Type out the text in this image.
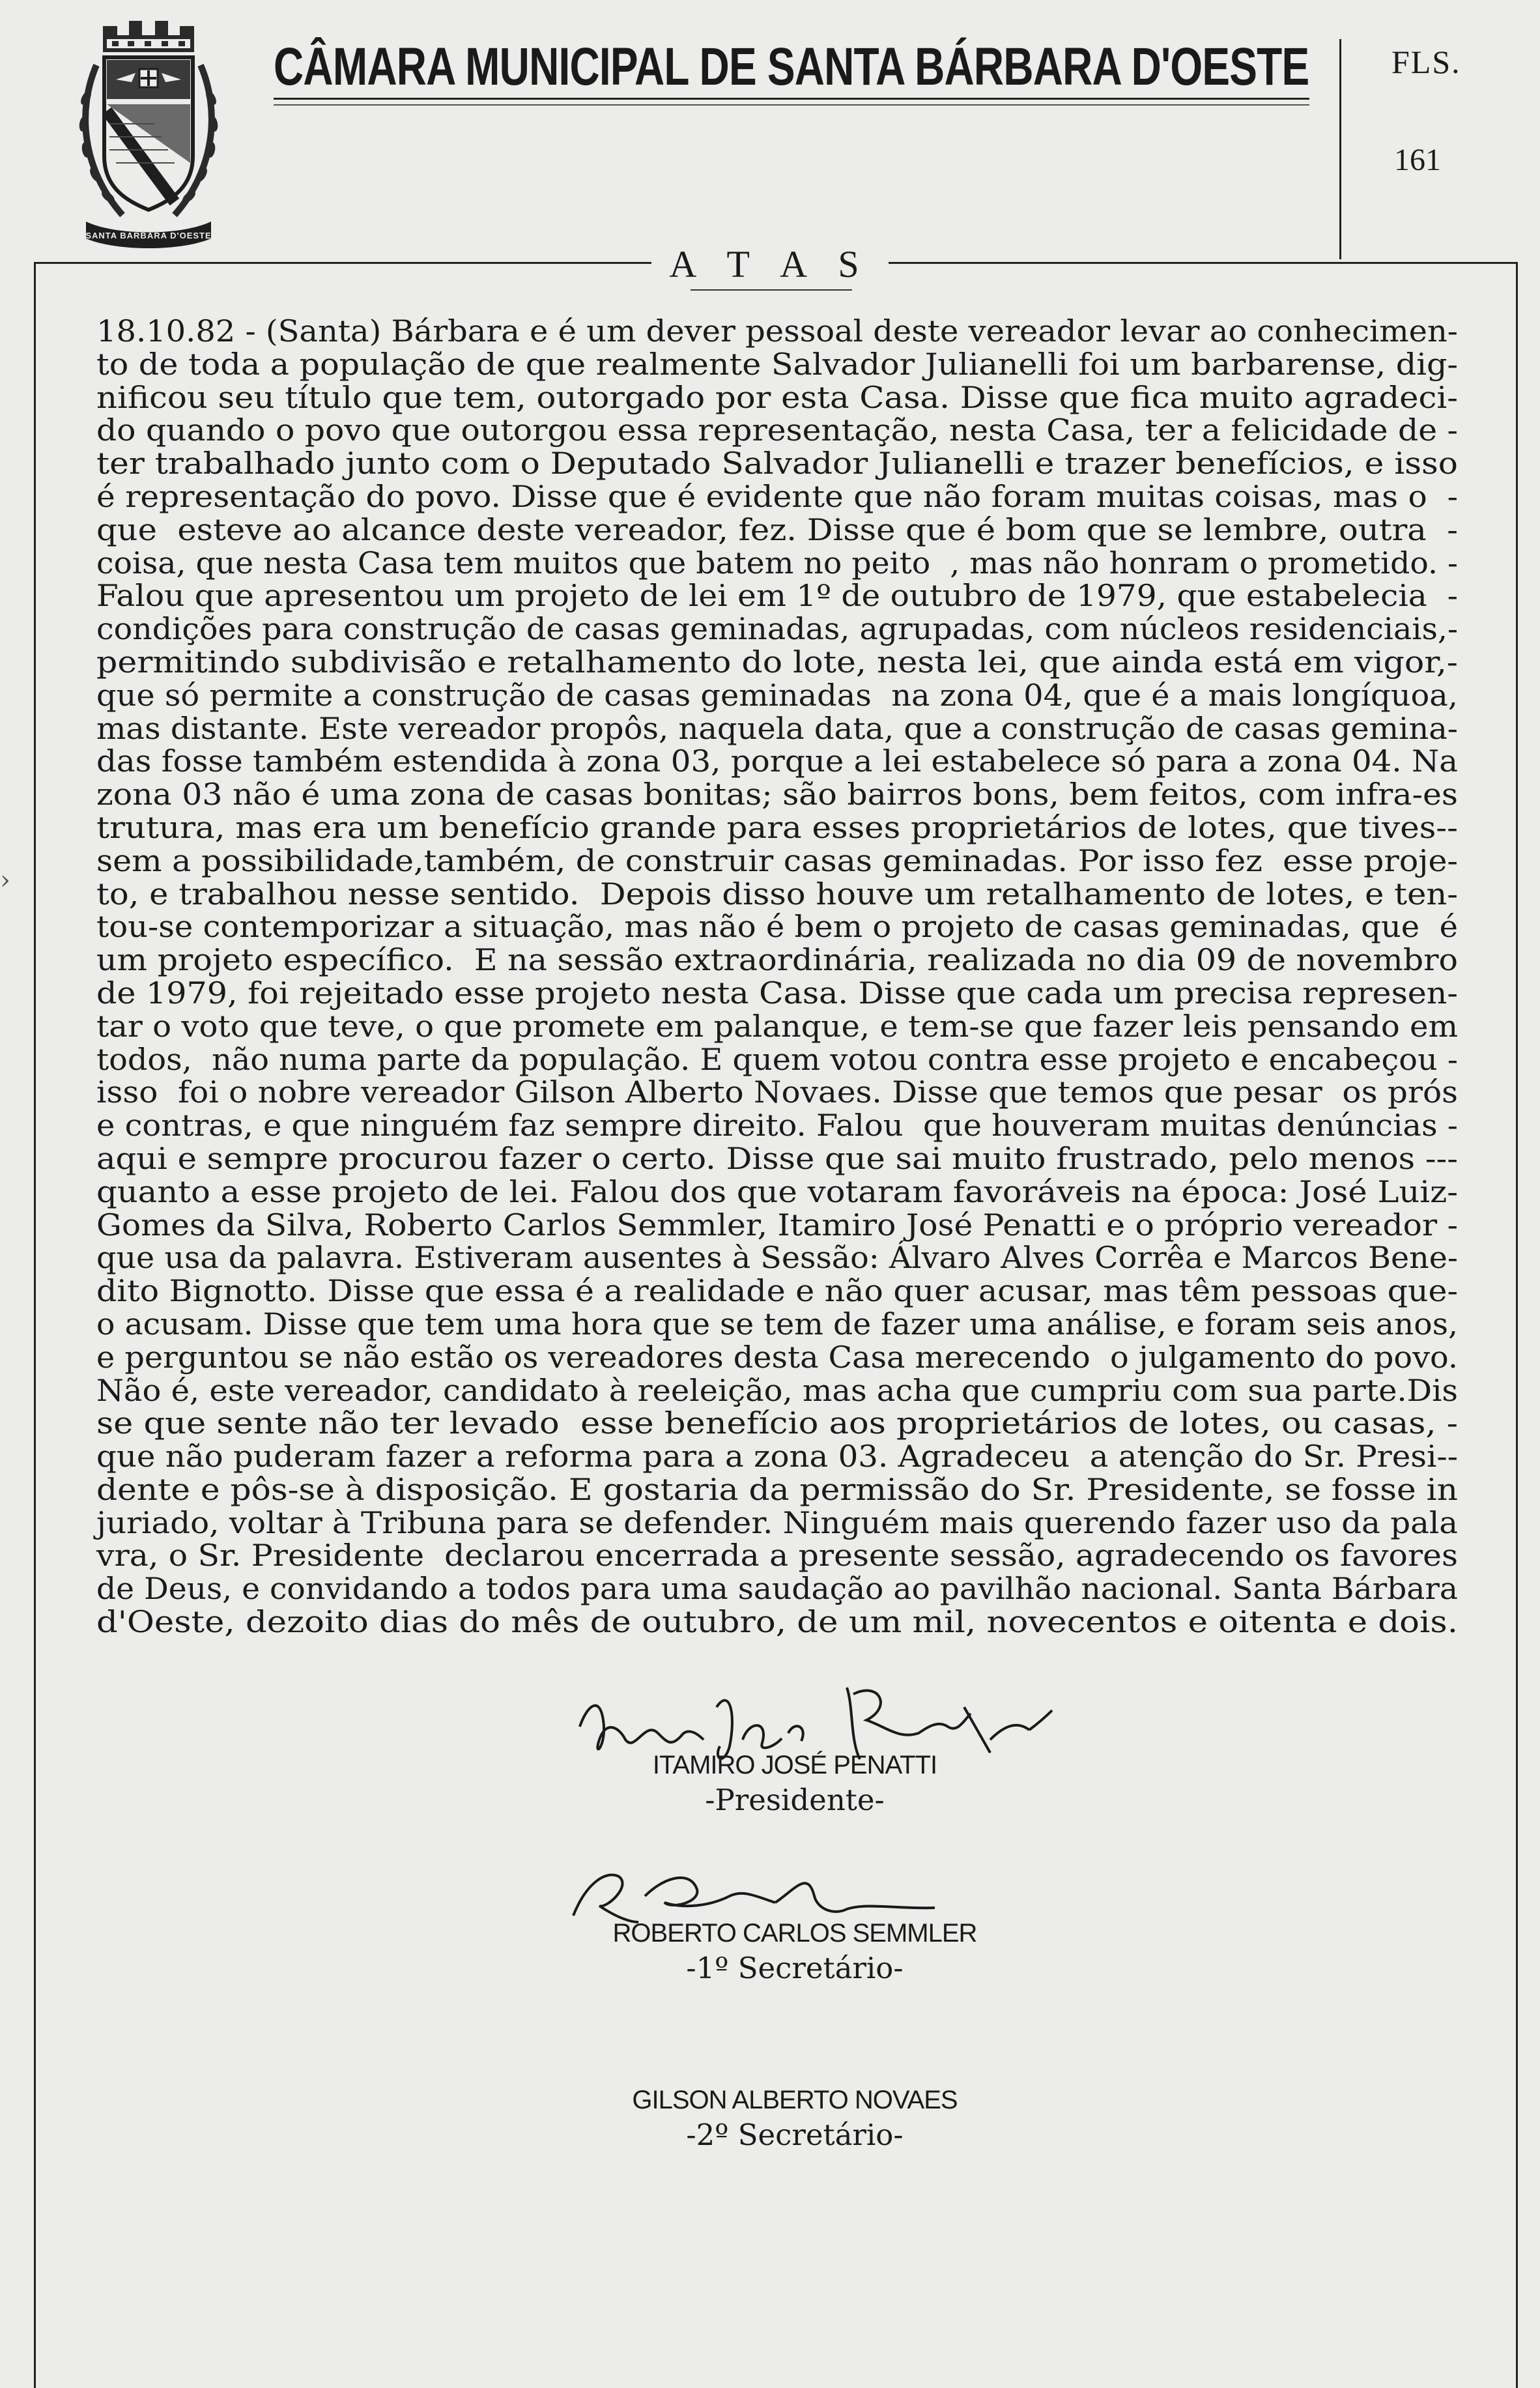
SANTA BARBARA D'OESTE
CÂMARA MUNICIPAL DE SANTA BÁRBARA D'OESTE	FLS.
161
A T A S
18.10.82 - (Santa) Bárbara e é um dever pessoal deste vereador levar ao conhecimen-
to de toda a população de que realmente Salvador Julianelli foi um barbarense, dig-
nificou seu título que tem, outorgado por esta Casa. Disse que fica muito agradeci-
do quando o povo que outorgou essa representação, nesta Casa, ter a felicidade de -
ter trabalhado junto com o Deputado Salvador Julianelli e trazer benefícios, e isso
é representação do povo. Disse que é evidente que não foram muitas coisas, mas o  -
que  esteve ao alcance deste vereador, fez. Disse que é bom que se lembre, outra  -
coisa, que nesta Casa tem muitos que batem no peito  , mas não honram o prometido. -
Falou que apresentou um projeto de lei em 1º de outubro de 1979, que estabelecia  -
condições para construção de casas geminadas, agrupadas, com núcleos residenciais,-
permitindo subdivisão e retalhamento do lote, nesta lei, que ainda está em vigor,-
que só permite a construção de casas geminadas  na zona 04, que é a mais longíquoa,
mas distante. Este vereador propôs, naquela data, que a construção de casas gemina-
das fosse também estendida à zona 03, porque a lei estabelece só para a zona 04. Na
zona 03 não é uma zona de casas bonitas; são bairros bons, bem feitos, com infra-es
trutura, mas era um benefício grande para esses proprietários de lotes, que tives--
sem a possibilidade,também, de construir casas geminadas. Por isso fez  esse proje-
to, e trabalhou nesse sentido.  Depois disso houve um retalhamento de lotes, e ten-
tou-se contemporizar a situação, mas não é bem o projeto de casas geminadas, que  é
um projeto específico.  E na sessão extraordinária, realizada no dia 09 de novembro
de 1979, foi rejeitado esse projeto nesta Casa. Disse que cada um precisa represen-
tar o voto que teve, o que promete em palanque, e tem-se que fazer leis pensando em
todos,  não numa parte da população. E quem votou contra esse projeto e encabeçou -
isso  foi o nobre vereador Gilson Alberto Novaes. Disse que temos que pesar  os prós
e contras, e que ninguém faz sempre direito. Falou  que houveram muitas denúncias -
aqui e sempre procurou fazer o certo. Disse que sai muito frustrado, pelo menos ---
quanto a esse projeto de lei. Falou dos que votaram favoráveis na época: José Luiz-
Gomes da Silva, Roberto Carlos Semmler, Itamiro José Penatti e o próprio vereador -
que usa da palavra. Estiveram ausentes à Sessão: Álvaro Alves Corrêa e Marcos Bene-
dito Bignotto. Disse que essa é a realidade e não quer acusar, mas têm pessoas que-
o acusam. Disse que tem uma hora que se tem de fazer uma análise, e foram seis anos,
e perguntou se não estão os vereadores desta Casa merecendo  o julgamento do povo.
Não é, este vereador, candidato à reeleição, mas acha que cumpriu com sua parte.Dis
se que sente não ter levado  esse benefício aos proprietários de lotes, ou casas, -
que não puderam fazer a reforma para a zona 03. Agradeceu  a atenção do Sr. Presi--
dente e pôs-se à disposição. E gostaria da permissão do Sr. Presidente, se fosse in
juriado, voltar à Tribuna para se defender. Ninguém mais querendo fazer uso da pala
vra, o Sr. Presidente  declarou encerrada a presente sessão, agradecendo os favores
de Deus, e convidando a todos para uma saudação ao pavilhão nacional. Santa Bárbara
d'Oeste, dezoito dias do mês de outubro, de um mil, novecentos e oitenta e dois.
›
ITAMIRO JOSÉ PENATTI
-Presidente-
ROBERTO CARLOS SEMMLER
-1º Secretário-
GILSON ALBERTO NOVAES
-2º Secretário-
